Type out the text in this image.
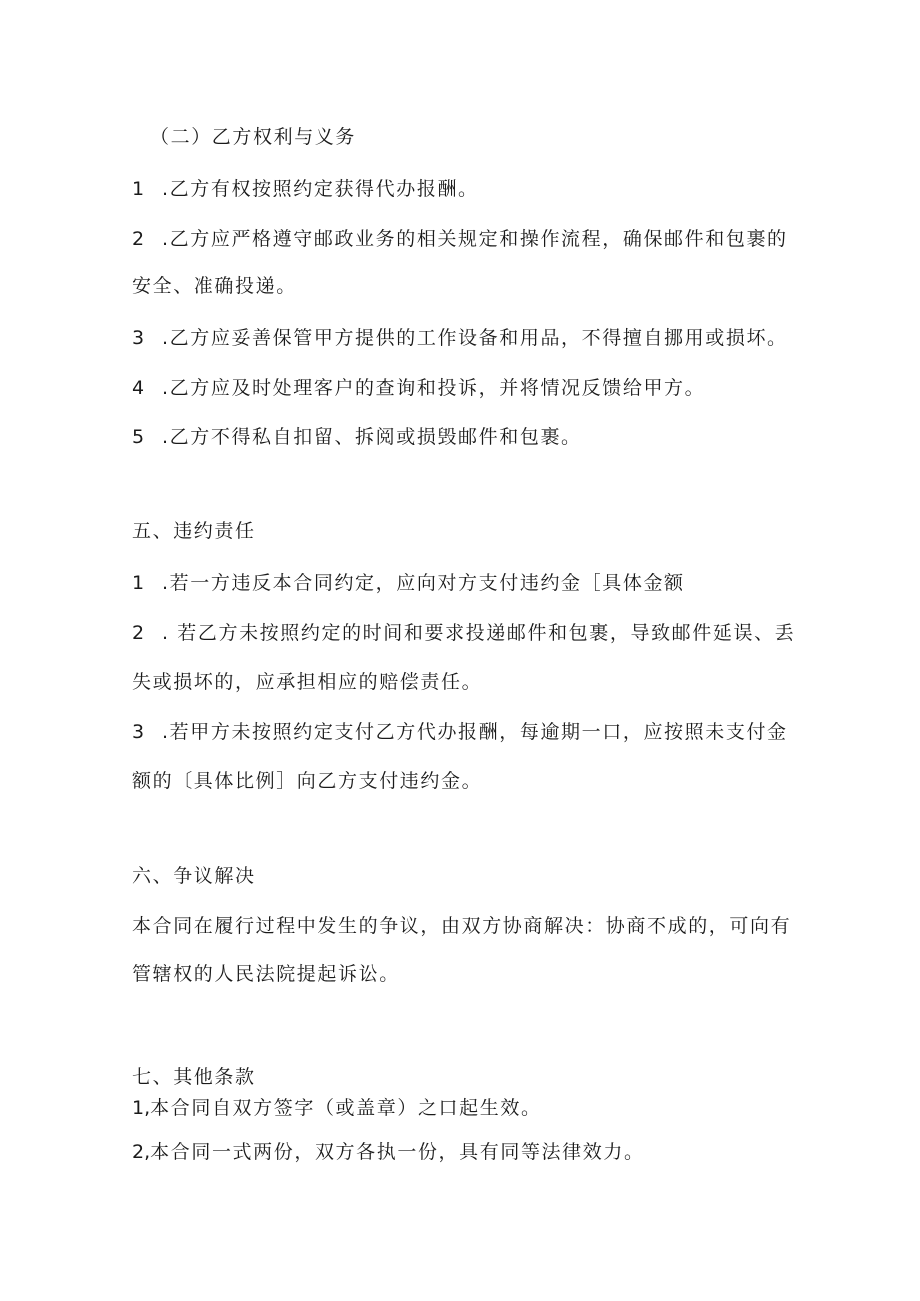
（二）乙方权利与义务
1 .乙方有权按照约定获得代办报酬。
2 .乙方应严格遵守邮政业务的相关规定和操作流程，确保邮件和包裹的
安全、准确投递。
3 .乙方应妥善保管甲方提供的工作设备和用品，不得擅自挪用或损坏。
4 .乙方应及时处理客户的查询和投诉，并将情况反馈给甲方。
5 .乙方不得私自扣留、拆阅或损毁邮件和包裹。
五、违约责任
1 .若一方违反本合同约定，应向对方支付违约金［具体金额
2 . 若乙方未按照约定的时间和要求投递邮件和包裹，导致邮件延误、丢
失或损坏的，应承担相应的赔偿责任。
3 .若甲方未按照约定支付乙方代办报酬，每逾期一口，应按照未支付金
额的〔具体比例］向乙方支付违约金。
六、争议解决
本合同在履行过程中发生的争议，由双方协商解决：协商不成的，可向有
管辖权的人民法院提起诉讼。
七、其他条款
1,本合同自双方签字（或盖章）之口起生效。
2,本合同一式两份，双方各执一份，具有同等法律效力。
